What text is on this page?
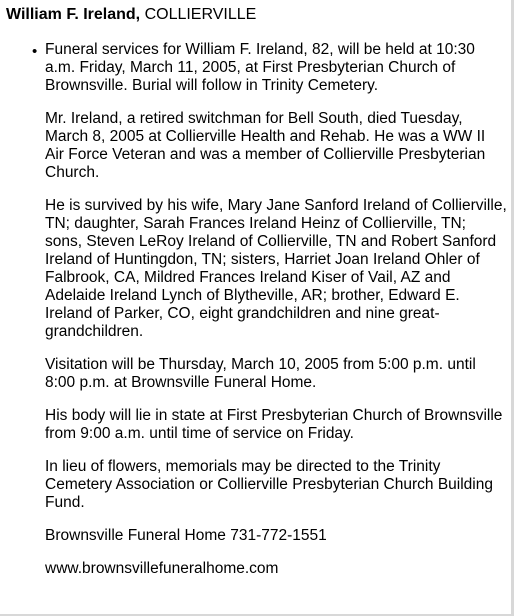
William F. Ireland, COLLIERVILLE
• Funeral services for William F. Ireland, 82, will be held at 10:30 a.m. Friday, March 11, 2005, at First Presbyterian Church of Brownsville. Burial will follow in Trinity Cemetery.

Mr. Ireland, a retired switchman for Bell South, died Tuesday, March 8, 2005 at Collierville Health and Rehab. He was a WW II Air Force Veteran and was a member of Collierville Presbyterian Church.

He is survived by his wife, Mary Jane Sanford Ireland of Collierville, TN; daughter, Sarah Frances Ireland Heinz of Collierville, TN; sons, Steven LeRoy Ireland of Collierville, TN and Robert Sanford Ireland of Huntingdon, TN; sisters, Harriet Joan Ireland Ohler of Falbrook, CA, Mildred Frances Ireland Kiser of Vail, AZ and Adelaide Ireland Lynch of Blytheville, AR; brother, Edward E. Ireland of Parker, CO, eight grandchildren and nine great-grandchildren.

Visitation will be Thursday, March 10, 2005 from 5:00 p.m. until 8:00 p.m. at Brownsville Funeral Home.

His body will lie in state at First Presbyterian Church of Brownsville from 9:00 a.m. until time of service on Friday.

In lieu of flowers, memorials may be directed to the Trinity Cemetery Association or Collierville Presbyterian Church Building Fund.

Brownsville Funeral Home 731-772-1551

www.brownsvillefuneralhome.com
